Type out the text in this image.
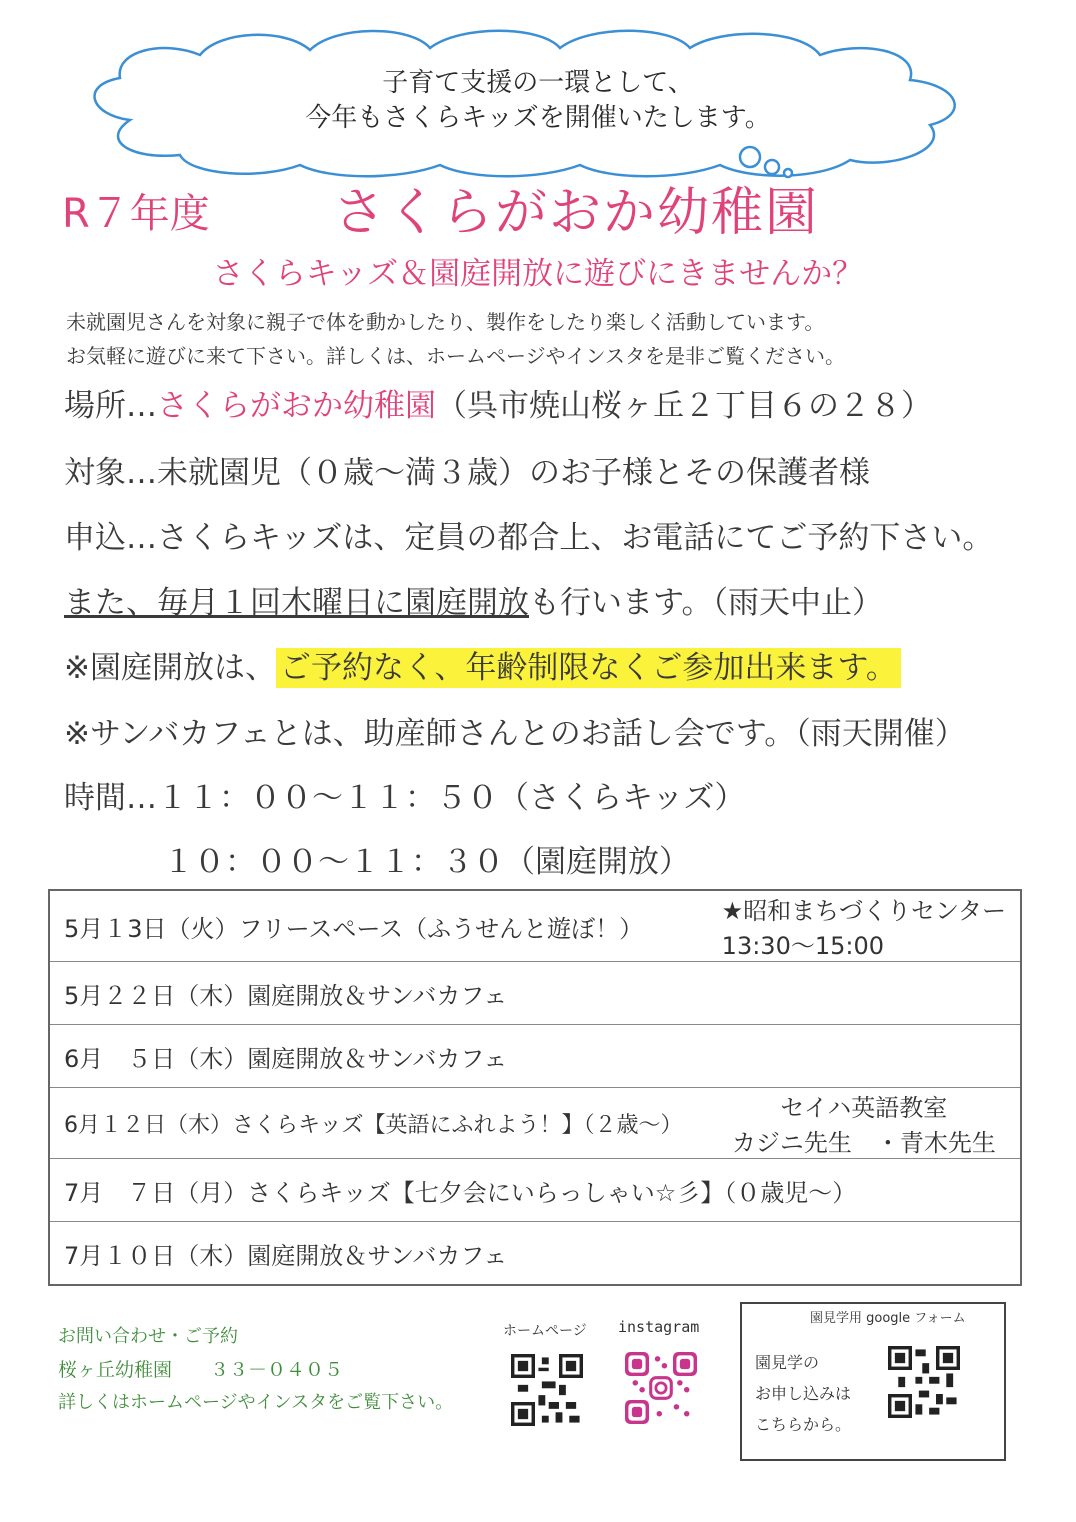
子育て支援の一環として、
今年もさくらキッズを開催いたします。
R７年度 さくらがおか幼稚園
さくらキッズ＆園庭開放に遊びにきませんか？
未就園児さんを対象に親子で体を動かしたり、製作をしたり楽しく活動しています。
お気軽に遊びに来て下さい。詳しくは、ホームページやインスタを是非ご覧ください。
場所…さくらがおか幼稚園（呉市焼山桜ヶ丘２丁目６の２８）
対象…未就園児（０歳～満３歳）のお子様とその保護者様
申込…さくらキッズは、定員の都合上、お電話にてご予約下さい。
また、毎月１回木曜日に園庭開放も行います。（雨天中止）
※園庭開放は、 ご予約なく、年齢制限なくご参加出来ます。
※サンバカフェとは、助産師さんとのお話し会です。（雨天開催）
時間…１１：００～１１：５０（さくらキッズ）
１０：００～１１：３０（園庭開放）
5月１3日（火）フリースペース（ふうせんと遊ぼ！）	★昭和まちづくりセンター
13:30～15:00

5月２２日（木）園庭開放＆サンバカフェ	
6月　５日（木）園庭開放＆サンバカフェ	
6月１２日（木）さくらキッズ【英語にふれよう！】（２歳～）	セイハ英語教室
カジニ先生　・青木先生

7月　７日（月）さくらキッズ【七夕会にいらっしゃい☆彡】（０歳児～）	
7月１０日（木）園庭開放＆サンバカフェ	
お問い合わせ・ご予約
桜ヶ丘幼稚園　　３３－０４０５
詳しくはホームページやインスタをご覧下さい。
ホームページ instagram	園見学用 google フォーム
園見学の
お申し込みは
こちらから。
